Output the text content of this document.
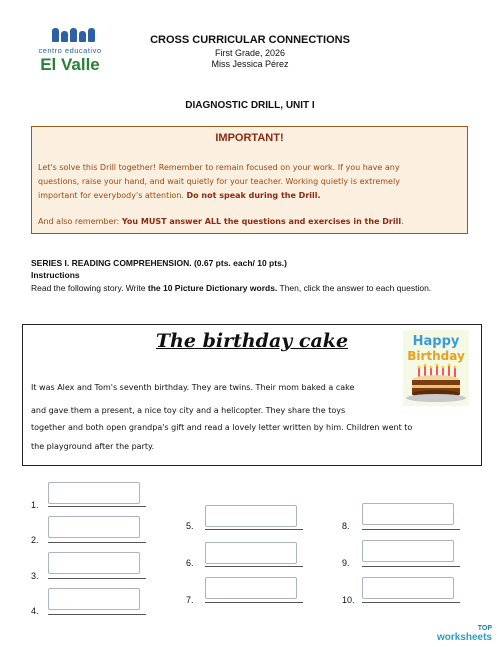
centro educativo
El Valle
CROSS CURRICULAR CONNECTIONS
First Grade, 2026
Miss Jessica Pérez
DIAGNOSTIC DRILL, UNIT I
IMPORTANT!
Let's solve this Drill together! Remember to remain focused on your work. If you have any
questions, raise your hand, and wait quietly for your teacher. Working quietly is extremely
important for everybody's attention. Do not speak during the Drill.
And also remember: You MUST answer ALL the questions and exercises in the Drill.
SERIES I. READING COMPREHENSION. (0.67 pts. each/ 10 pts.)
Instructions
Read the following story. Write the 10 Picture Dictionary words. Then, click the answer to each question.
The birthday cake	Happy
Birthday
It was Alex and Tom's seventh birthday. They are twins. Their mom baked a cake
and gave them a present, a nice toy city and a helicopter. They share the toys
together and both open grandpa's gift and read a lovely letter written by him. Children went to
the playground after the party.
1.
2.
3.
4.
5.
6.
7.
8.
9.
10.
TOP
worksheets
